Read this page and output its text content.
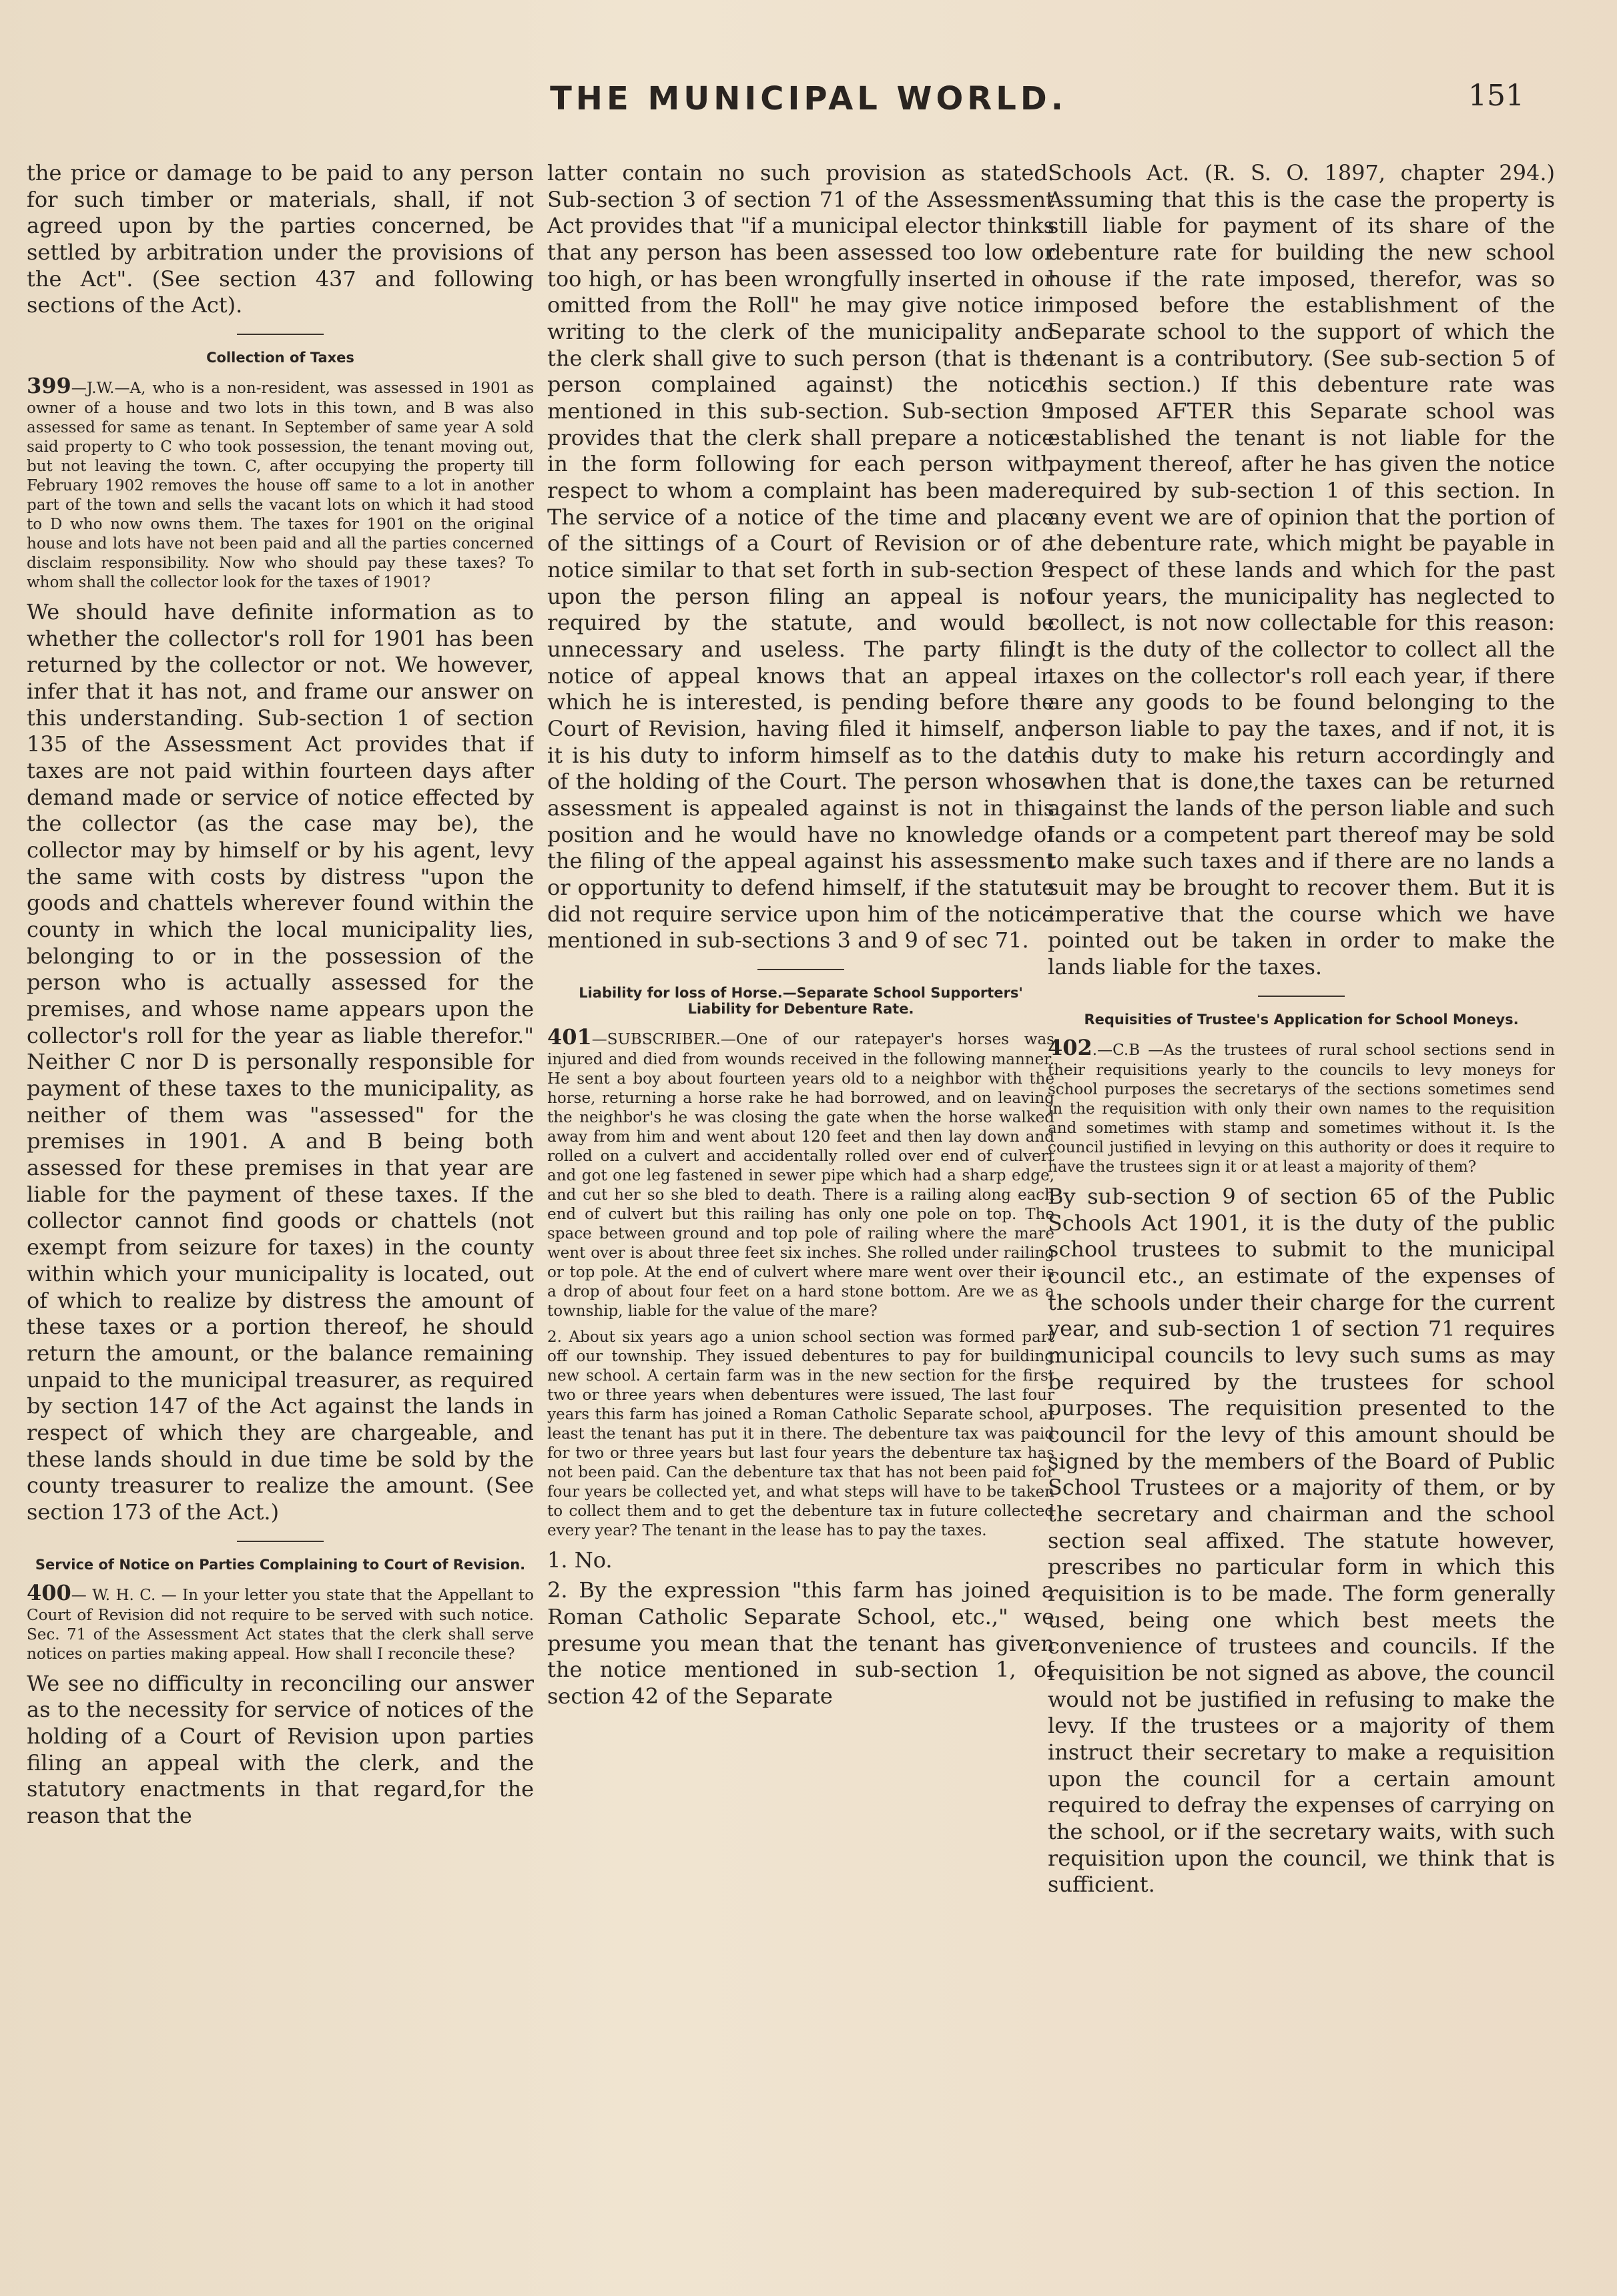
THE MUNICIPAL WORLD.	151

the price or damage to be paid to any person for such timber or materials, shall, if not agreed upon by the parties concerned, be settled by arbitration under the provisions of the Act". (See section 437 and following sections of the Act).

Collection of Taxes

399—J.W.—A, who is a non-resident, was assessed in 1901 as owner of a house and two lots in this town, and B was also assessed for same as tenant. In September of same year A sold said property to C who took possession, the tenant moving out, but not leaving the town. C, after occupying the property till February 1902 removes the house off same to a lot in another part of the town and sells the vacant lots on which it had stood to D who now owns them. The taxes for 1901 on the original house and lots have not been paid and all the parties concerned disclaim responsibility. Now who should pay these taxes? To whom shall the collector look for the taxes of 1901?

We should have definite information as to whether the collector's roll for 1901 has been returned by the collector or not. We however, infer that it has not, and frame our answer on this understanding. Sub-section 1 of section 135 of the Assessment Act provides that if taxes are not paid within fourteen days after demand made or service of notice effected by the collector (as the case may be), the collector may by himself or by his agent, levy the same with costs by distress "upon the goods and chattels wherever found within the county in which the local municipality lies, belonging to or in the possession of the person who is actually assessed for the premises, and whose name appears upon the collector's roll for the year as liable therefor." Neither C nor D is personally responsible for payment of these taxes to the municipality, as neither of them was "assessed" for the premises in 1901. A and B being both assessed for these premises in that year are liable for the payment of these taxes. If the collector cannot find goods or chattels (not exempt from seizure for taxes) in the county within which your municipality is located, out of which to realize by distress the amount of these taxes or a portion thereof, he should return the amount, or the balance remaining unpaid to the municipal treasurer, as required by section 147 of the Act against the lands in respect of which they are chargeable, and these lands should in due time be sold by the county treasurer to realize the amount. (See section 173 of the Act.)

Service of Notice on Parties Complaining to Court of Revision.

400— W. H. C. — In your letter you state that the Appellant to Court of Revision did not require to be served with such notice. Sec. 71 of the Assessment Act states that the clerk shall serve notices on parties making appeal. How shall I reconcile these?

We see no difficulty in reconciling our answer as to the necessity for service of notices of the holding of a Court of Revision upon parties filing an appeal with the clerk, and the statutory enactments in that regard,for the reason that the

latter contain no such provision as stated. Sub-section 3 of section 71 of the Assessment Act provides that "if a municipal elector thinks that any person has been assessed too low or too high, or has been wrongfully inserted in or omitted from the Roll" he may give notice in writing to the clerk of the municipality and the clerk shall give to such person (that is the person complained against) the notice mentioned in this sub-section. Sub-section 9 provides that the clerk shall prepare a notice in the form following for each person with respect to whom a complaint has been made: The service of a notice of the time and place of the sittings of a Court of Revision or of a notice similar to that set forth in sub-section 9 upon the person filing an appeal is not required by the statute, and would be unnecessary and useless. The party filing notice of appeal knows that an appeal in which he is interested, is pending before the Court of Revision, having filed it himself, and it is his duty to inform himself as to the date of the holding of the Court. The person whose assessment is appealed against is not in this position and he would have no knowledge of the filing of the appeal against his assessment or opportunity to defend himself, if the statute did not require service upon him of the notice mentioned in sub-sections 3 and 9 of sec 71.

Liability for loss of Horse.—Separate School Supporters' Liability for Debenture Rate.

401—SUBSCRIBER.—One of our ratepayer's horses was injured and died from wounds received in the following manner. He sent a boy about fourteen years old to a neighbor with the horse, returning a horse rake he had borrowed, and on leaving the neighbor's he was closing the gate when the horse walked away from him and went about 120 feet and then lay down and rolled on a culvert and accidentally rolled over end of culvert and got one leg fastened in sewer pipe which had a sharp edge, and cut her so she bled to death. There is a railing along each end of culvert but this railing has only one pole on top. The space between ground and top pole of railing where the mare went over is about three feet six inches. She rolled under railing or top pole. At the end of culvert where mare went over their is a drop of about four feet on a hard stone bottom. Are we as a township, liable for the value of the mare?

2. About six years ago a union school section was formed part off our township. They issued debentures to pay for building new school. A certain farm was in the new section for the first two or three years when debentures were issued, The last four years this farm has joined a Roman Catholic Separate school, at least the tenant has put it in there. The debenture tax was paid for two or three years but last four years the debenture tax has not been paid. Can the debenture tax that has not been paid for four years be collected yet, and what steps will have to be taken to collect them and to get the debenture tax in future collected every year? The tenant in the lease has to pay the taxes.

1. No.

2. By the expression "this farm has joined a Roman Catholic Separate School, etc.," we presume you mean that the tenant has given the notice mentioned in sub-section 1, of section 42 of the Separate

Schools Act. (R. S. O. 1897, chapter 294.) Assuming that this is the case the property is still liable for payment of its share of the debenture rate for building the new school house if the rate imposed, therefor, was so imposed before the establishment of the Separate school to the support of which the tenant is a contributory. (See sub-section 5 of this section.) If this debenture rate was imposed AFTER this Separate school was established the tenant is not liable for the payment thereof, after he has given the notice required by sub-section 1 of this section. In any event we are of opinion that the portion of the debenture rate, which might be payable in respect of these lands and which for the past four years, the municipality has neglected to collect, is not now collectable for this reason: It is the duty of the collector to collect all the taxes on the collector's roll each year, if there are any goods to be found belonging to the person liable to pay the taxes, and if not, it is his duty to make his return accordingly and when that is done,the taxes can be returned against the lands of the person liable and such lands or a competent part thereof may be sold to make such taxes and if there are no lands a suit may be brought to recover them. But it is imperative that the course which we have pointed out be taken in order to make the lands liable for the taxes.

Requisities of Trustee's Application for School Moneys.

402.—C.B —As the trustees of rural school sections send in their requisitions yearly to the councils to levy moneys for school purposes the secretarys of the sections sometimes send in the requisition with only their own names to the requisition and sometimes with stamp and sometimes without it. Is the council justified in levying on this authority or does it require to have the trustees sign it or at least a majority of them?

By sub-section 9 of section 65 of the Public Schools Act 1901, it is the duty of the public school trustees to submit to the municipal council etc., an estimate of the expenses of the schools under their charge for the current year, and sub-section 1 of section 71 requires municipal councils to levy such sums as may be required by the trustees for school purposes. The requisition presented to the council for the levy of this amount should be signed by the members of the Board of Public School Trustees or a majority of them, or by the secretary and chairman and the school section seal affixed. The statute however, prescribes no particular form in which this requisition is to be made. The form generally used, being one which best meets the convenience of trustees and councils. If the requisition be not signed as above, the council would not be justified in refusing to make the levy. If the trustees or a majority of them instruct their secretary to make a requisition upon the council for a certain amount required to defray the expenses of carrying on the school, or if the secretary waits, with such requisition upon the council, we think that is sufficient.
